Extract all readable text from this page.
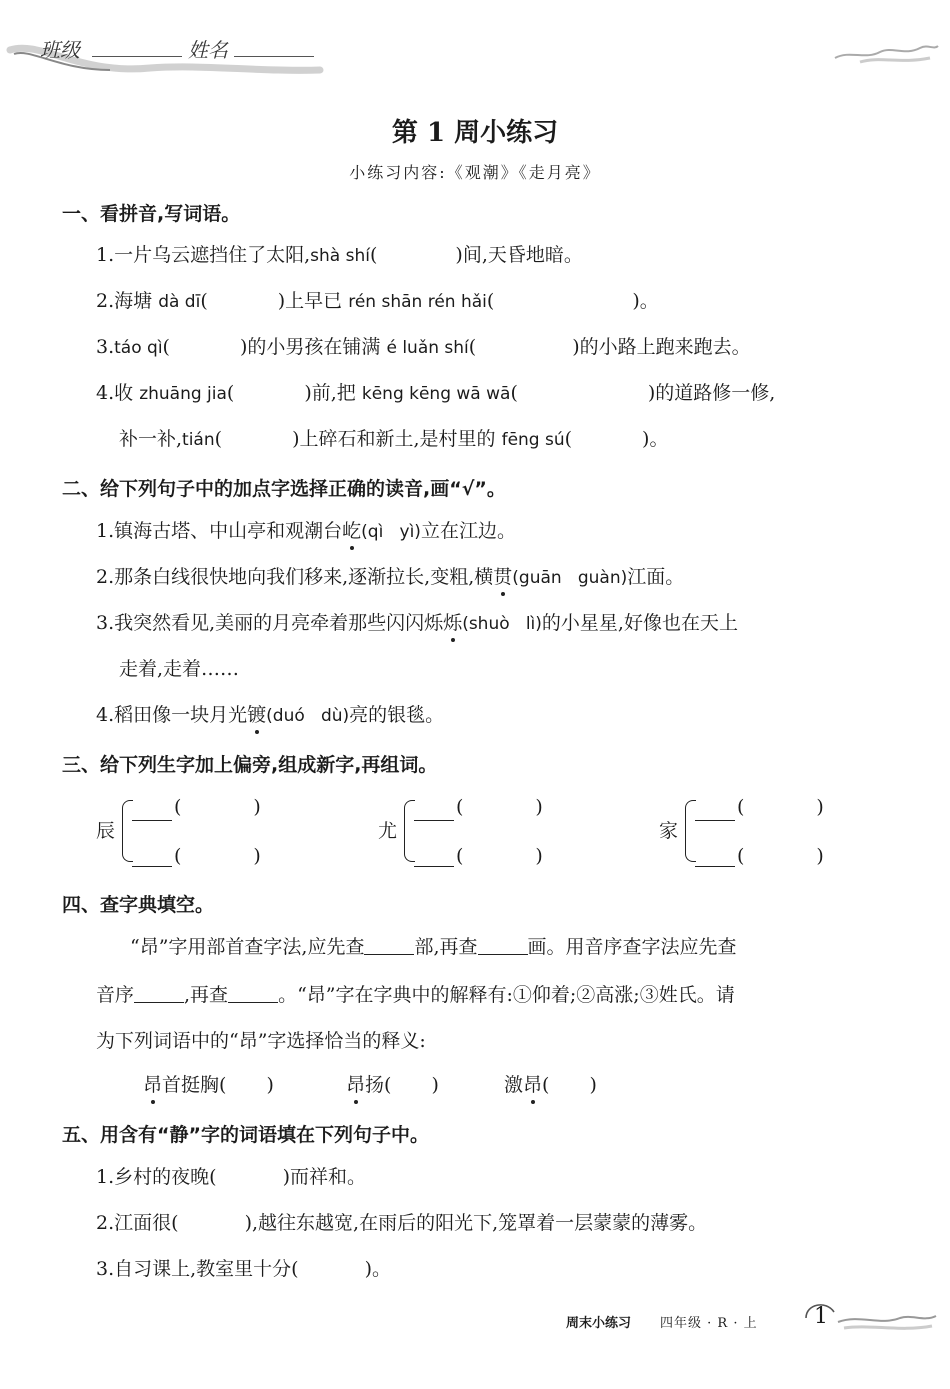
班级	姓名
第 1 周小练习
小练习内容:《观潮》《走月亮》
一、看拼音,写词语。
1.一片乌云遮挡住了太阳,shà shí(	)间,天昏地暗。
2.海塘 dà dī(	)上早已 rén shān rén hǎi(	)。
3.táo qì(	)的小男孩在铺满 é luǎn shí(	)的小路上跑来跑去。
4.收 zhuāng jia(	)前,把 kēng kēng wā wā(	)的道路修一修,
补一补,tián(	)上碎石和新土,是村里的 fēng sú(	)。
二、给下列句子中的加点字选择正确的读音,画“√”。
1.镇海古塔、中山亭和观潮台屹(qì   yì)立在江边。
2.那条白线很快地向我们移来,逐渐拉长,变粗,横贯(guān   guàn)江面。
3.我突然看见,美丽的月亮牵着那些闪闪烁烁(shuò   lì)的小星星,好像也在天上
走着,走着……
4.稻田像一块月光镀(duó   dù)亮的银毯。
三、给下列生字加上偏旁,组成新字,再组词。
辰
(	)
(	)
尤
(	)
(	)
家
(	)
(	)
四、查字典填空。
“昂”字用部首查字法,应先查	部,再查	画。用音序查字法应先查
音序	,再查	。“昂”字在字典中的解释有:①仰着;②高涨;③姓氏。请
为下列词语中的“昂”字选择恰当的释义:
昂首挺胸( )	昂扬( )	激昂( )
五、用含有“静”字的词语填在下列句子中。
1.乡村的夜晚(	)而祥和。
2.江面很(	),越往东越宽,在雨后的阳光下,笼罩着一层蒙蒙的薄雾。
3.自习课上,教室里十分(	)。
周末小练习 四年级 · R · 上	1
